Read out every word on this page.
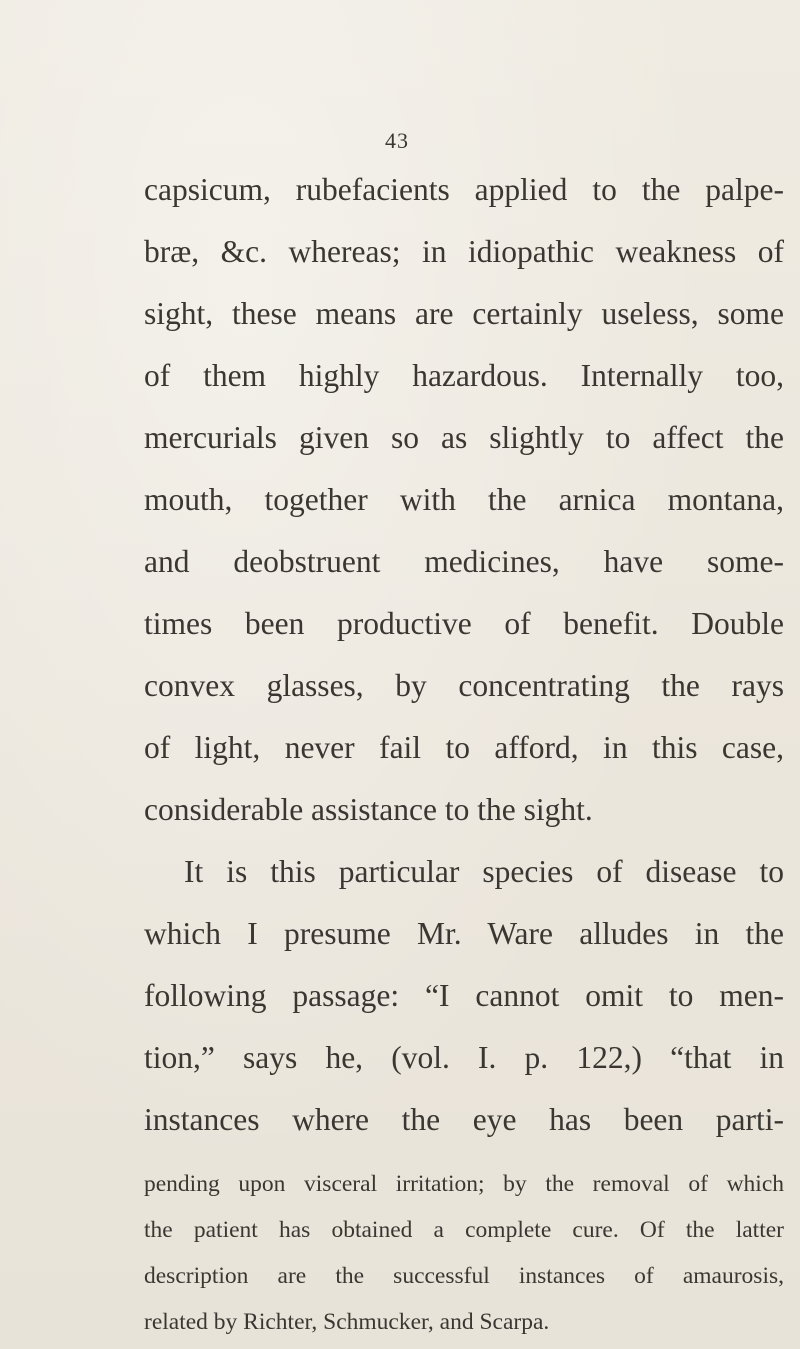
43
capsicum, rubefacients applied to the palpe-
bræ, &c. whereas; in idiopathic weakness of
sight, these means are certainly useless, some
of them highly hazardous. Internally too,
mercurials given so as slightly to affect the
mouth, together with the arnica montana,
and deobstruent medicines, have some-
times been productive of benefit. Double
convex glasses, by concentrating the rays
of light, never fail to afford, in this case,
considerable assistance to the sight.
It is this particular species of disease to
which I presume Mr. Ware alludes in the
following passage: “I cannot omit to men-
tion,” says he, (vol. I. p. 122,) “that in
instances where the eye has been parti-
pending upon visceral irritation; by the removal of which
the patient has obtained a complete cure. Of the latter
description are the successful instances of amaurosis,
related by Richter, Schmucker, and Scarpa.
